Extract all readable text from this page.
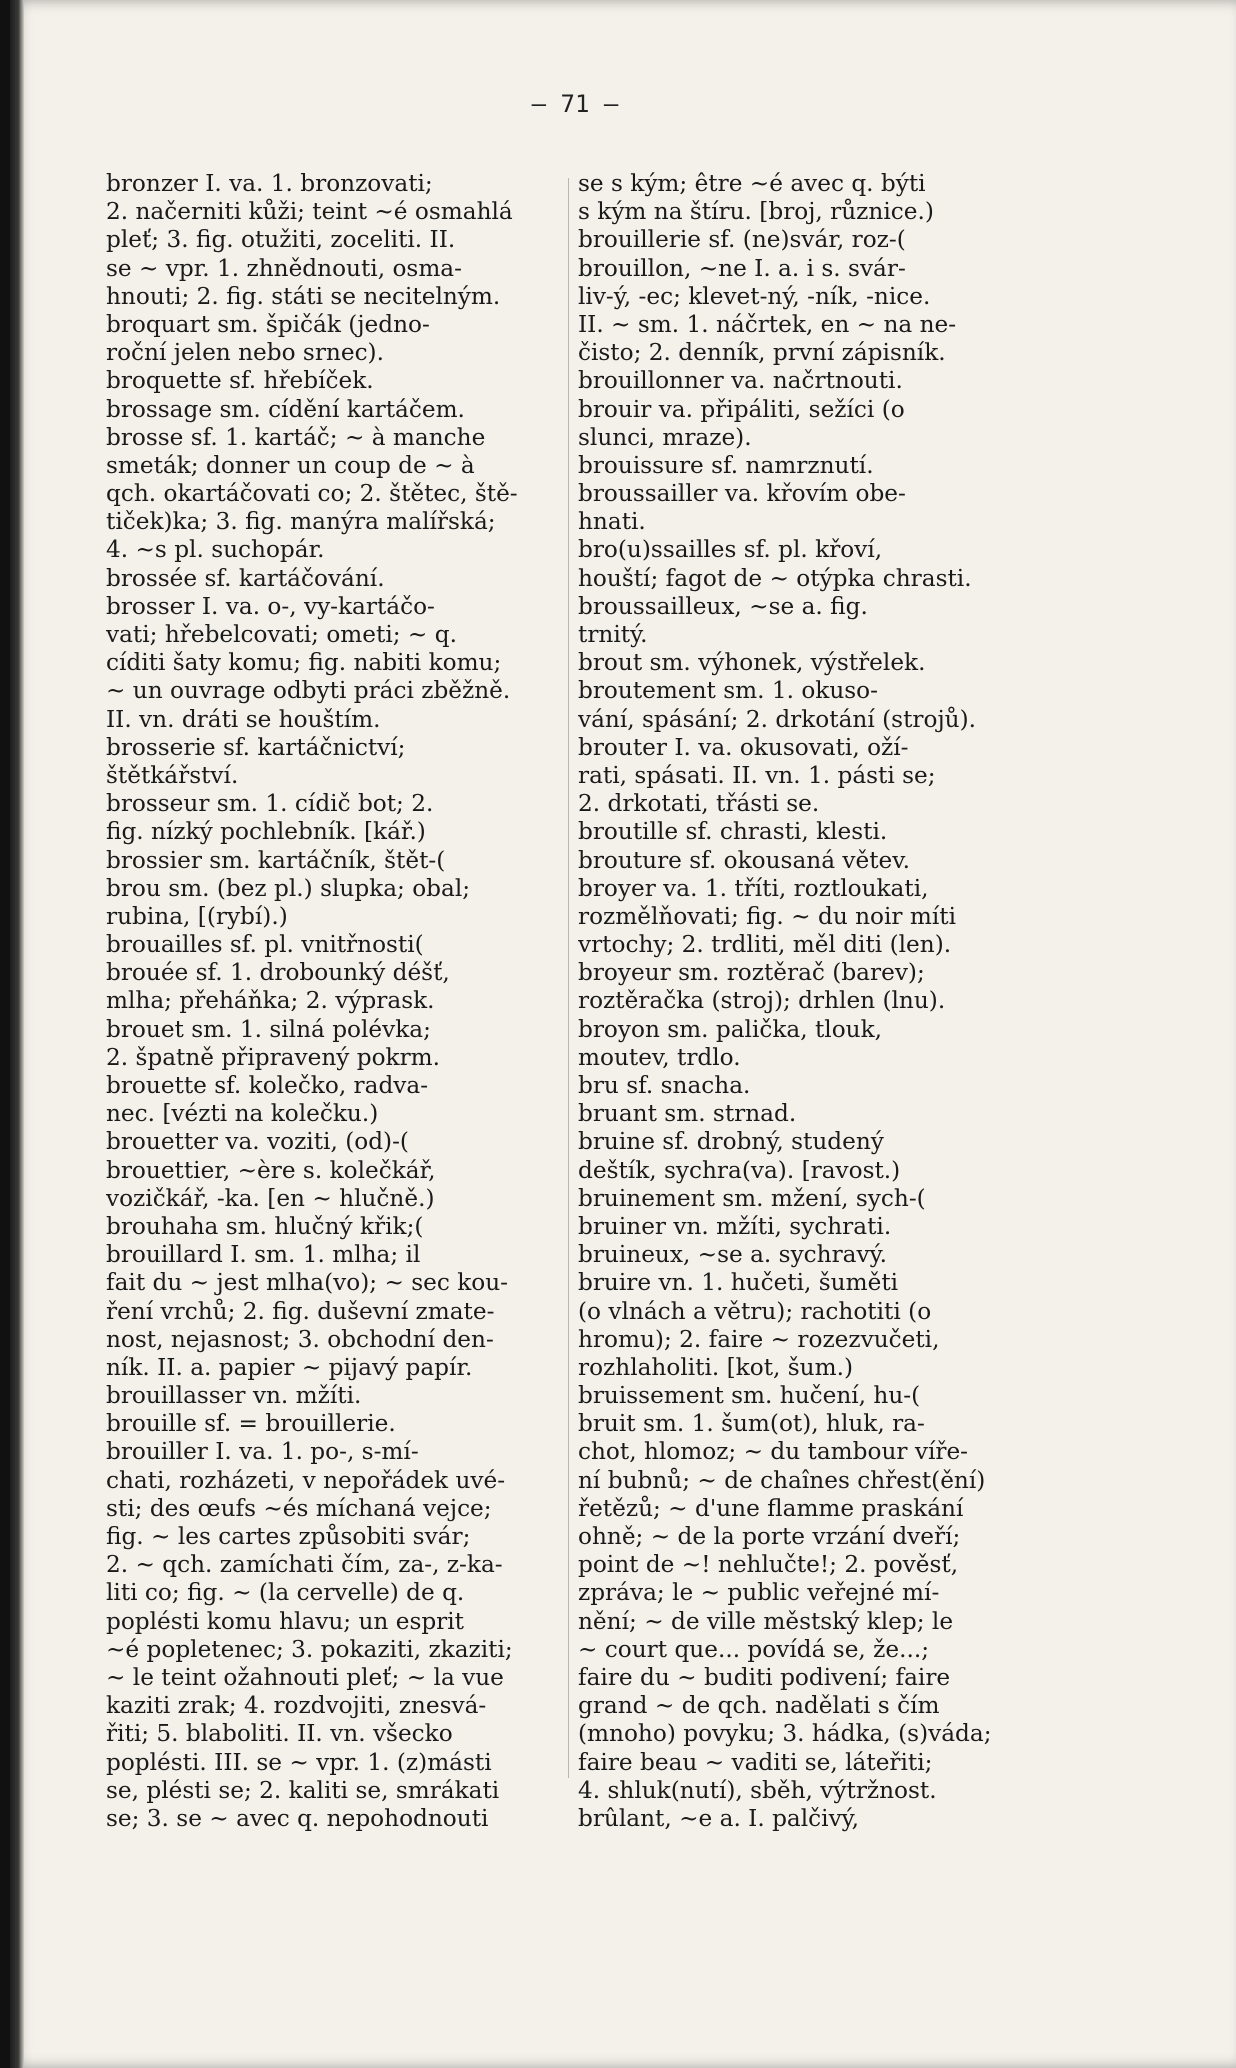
— 71 —
bronzer I. va. 1. bronzovati;
2. načerniti kůži; teint ~é osmahlá
pleť; 3. fig. otužiti, zoceliti. II.
se ~ vpr. 1. zhnědnouti, osma-
hnouti; 2. fig. státi se necitelným.
broquart sm. špičák (jedno-
roční jelen nebo srnec).
broquette sf. hřebíček.
brossage sm. cídění kartáčem.
brosse sf. 1. kartáč; ~ à manche
smeták; donner un coup de ~ à
qch. okartáčovati co; 2. štětec, ště-
tiček)ka; 3. fig. manýra malířská;
4. ~s pl. suchopár.
brossée sf. kartáčování.
brosser I. va. o-, vy-kartáčo-
vati; hřebelcovati; ometi; ~ q.
cíditi šaty komu; fig. nabiti komu;
~ un ouvrage odbyti práci zběžně.
II. vn. dráti se houštím.
brosserie sf. kartáčnictví;
štětkářství.
brosseur sm. 1. cídič bot; 2.
fig. nízký pochlebník. [kář.)
brossier sm. kartáčník, štět-(
brou sm. (bez pl.) slupka; obal;
rubina, [(rybí).)
brouailles sf. pl. vnitřnosti(
brouée sf. 1. drobounký déšť,
mlha; přeháňka; 2. výprask.
brouet sm. 1. silná polévka;
2. špatně připravený pokrm.
brouette sf. kolečko, radva-
nec. [vézti na kolečku.)
brouetter va. voziti, (od)-(
brouettier, ~ère s. kolečkář,
vozičkář, -ka. [en ~ hlučně.)
brouhaha sm. hlučný křik;(
brouillard I. sm. 1. mlha; il
fait du ~ jest mlha(vo); ~ sec kou-
ření vrchů; 2. fig. duševní zmate-
nost, nejasnost; 3. obchodní den-
ník. II. a. papier ~ pijavý papír.
brouillasser vn. mžíti.
brouille sf. = brouillerie.
brouiller I. va. 1. po-, s-mí-
chati, rozházeti, v nepořádek uvé-
sti; des œufs ~és míchaná vejce;
fig. ~ les cartes způsobiti svár;
2. ~ qch. zamíchati čím, za-, z-ka-
liti co; fig. ~ (la cervelle) de q.
poplésti komu hlavu; un esprit
~é popletenec; 3. pokaziti, zkaziti;
~ le teint ožahnouti pleť; ~ la vue
kaziti zrak; 4. rozdvojiti, znesvá-
řiti; 5. blaboliti. II. vn. všecko
poplésti. III. se ~ vpr. 1. (z)másti
se, plésti se; 2. kaliti se, smrákati
se; 3. se ~ avec q. nepohodnouti
se s kým; être ~é avec q. býti
s kým na štíru. [broj, různice.)
brouillerie sf. (ne)svár, roz-(
brouillon, ~ne I. a. i s. svár-
liv-ý, -ec; klevet-ný, -ník, -nice.
II. ~ sm. 1. náčrtek, en ~ na ne-
čisto; 2. denník, první zápisník.
brouillonner va. načrtnouti.
brouir va. připáliti, sežíci (o
slunci, mraze).
brouissure sf. namrznutí.
broussailler va. křovím obe-
hnati.
bro(u)ssailles sf. pl. křoví,
houští; fagot de ~ otýpka chrasti.
broussailleux, ~se a. fig.
trnitý.
brout sm. výhonek, výstřelek.
broutement sm. 1. okuso-
vání, spásání; 2. drkotání (strojů).
brouter I. va. okusovati, oží-
rati, spásati. II. vn. 1. pásti se;
2. drkotati, třásti se.
broutille sf. chrasti, klesti.
brouture sf. okousaná větev.
broyer va. 1. tříti, roztloukati,
rozmělňovati; fig. ~ du noir míti
vrtochy; 2. trdliti, měl diti (len).
broyeur sm. roztěrač (barev);
roztěračka (stroj); drhlen (lnu).
broyon sm. palička, tlouk,
moutev, trdlo.
bru sf. snacha.
bruant sm. strnad.
bruine sf. drobný, studený
deštík, sychra(va). [ravost.)
bruinement sm. mžení, sych-(
bruiner vn. mžíti, sychrati.
bruineux, ~se a. sychravý.
bruire vn. 1. hučeti, šuměti
(o vlnách a větru); rachotiti (o
hromu); 2. faire ~ rozezvučeti,
rozhlaholiti. [kot, šum.)
bruissement sm. hučení, hu-(
bruit sm. 1. šum(ot), hluk, ra-
chot, hlomoz; ~ du tambour víře-
ní bubnů; ~ de chaînes chřest(ění)
řetězů; ~ d'une flamme praskání
ohně; ~ de la porte vrzání dveří;
point de ~! nehlučte!; 2. pověsť,
zpráva; le ~ public veřejné mí-
nění; ~ de ville městský klep; le
~ court que... povídá se, že...;
faire du ~ buditi podivení; faire
grand ~ de qch. nadělati s čím
(mnoho) povyku; 3. hádka, (s)váda;
faire beau ~ vaditi se, láteřiti;
4. shluk(nutí), sběh, výtržnost.
brûlant, ~e a. I. palčivý,
